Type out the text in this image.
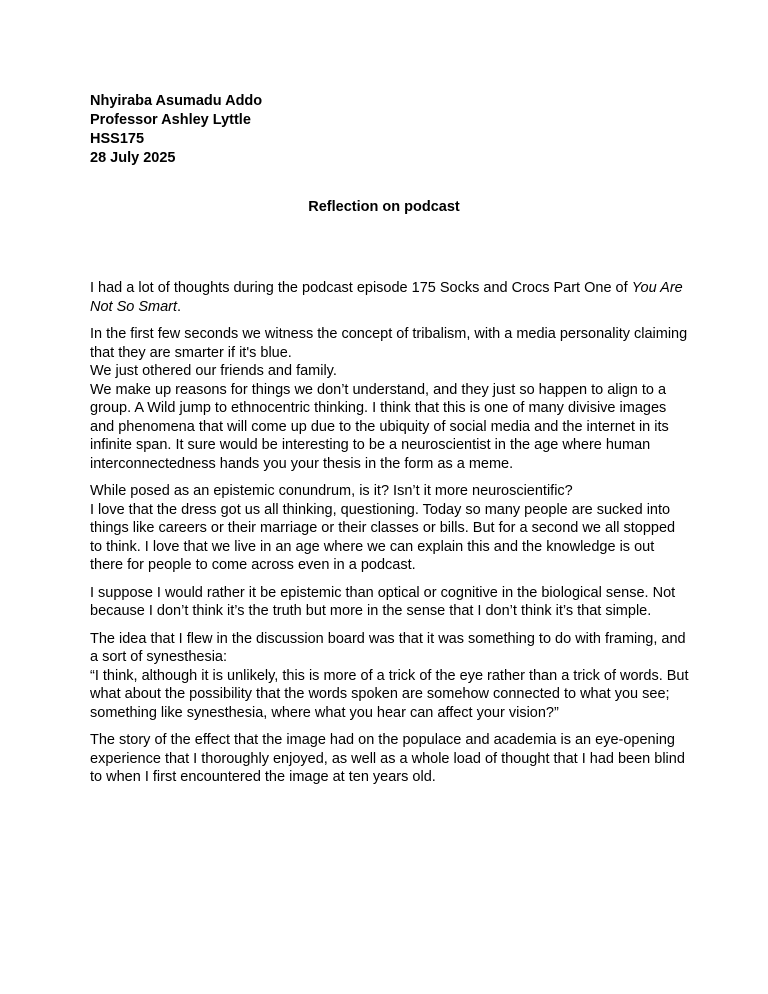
Nhyiraba Asumadu Addo
Professor Ashley Lyttle
HSS175
28 July 2025
Reflection on podcast

I had a lot of thoughts during the podcast episode 175 Socks and Crocs Part One of You Are Not So Smart.

In the first few seconds we witness the concept of tribalism, with a media personality claiming that they are smarter if it's blue.
We just othered our friends and family.
We make up reasons for things we don’t understand, and they just so happen to align to a group. A Wild jump to ethnocentric thinking. I think that this is one of many divisive images and phenomena that will come up due to the ubiquity of social media and the internet in its infinite span. It sure would be interesting to be a neuroscientist in the age where human interconnectedness hands you your thesis in the form as a meme.

While posed as an epistemic conundrum, is it? Isn’t it more neuroscientific?
I love that the dress got us all thinking, questioning. Today so many people are sucked into things like careers or their marriage or their classes or bills. But for a second we all stopped to think. I love that we live in an age where we can explain this and the knowledge is out there for people to come across even in a podcast.

I suppose I would rather it be epistemic than optical or cognitive in the biological sense. Not because I don’t think it’s the truth but more in the sense that I don’t think it’s that simple.

The idea that I flew in the discussion board was that it was something to do with framing, and a sort of synesthesia:
“I think, although it is unlikely, this is more of a trick of the eye rather than a trick of words. But what about the possibility that the words spoken are somehow connected to what you see; something like synesthesia, where what you hear can affect your vision?”

The story of the effect that the image had on the populace and academia is an eye-opening experience that I thoroughly enjoyed, as well as a whole load of thought that I had been blind to when I first encountered the image at ten years old.
